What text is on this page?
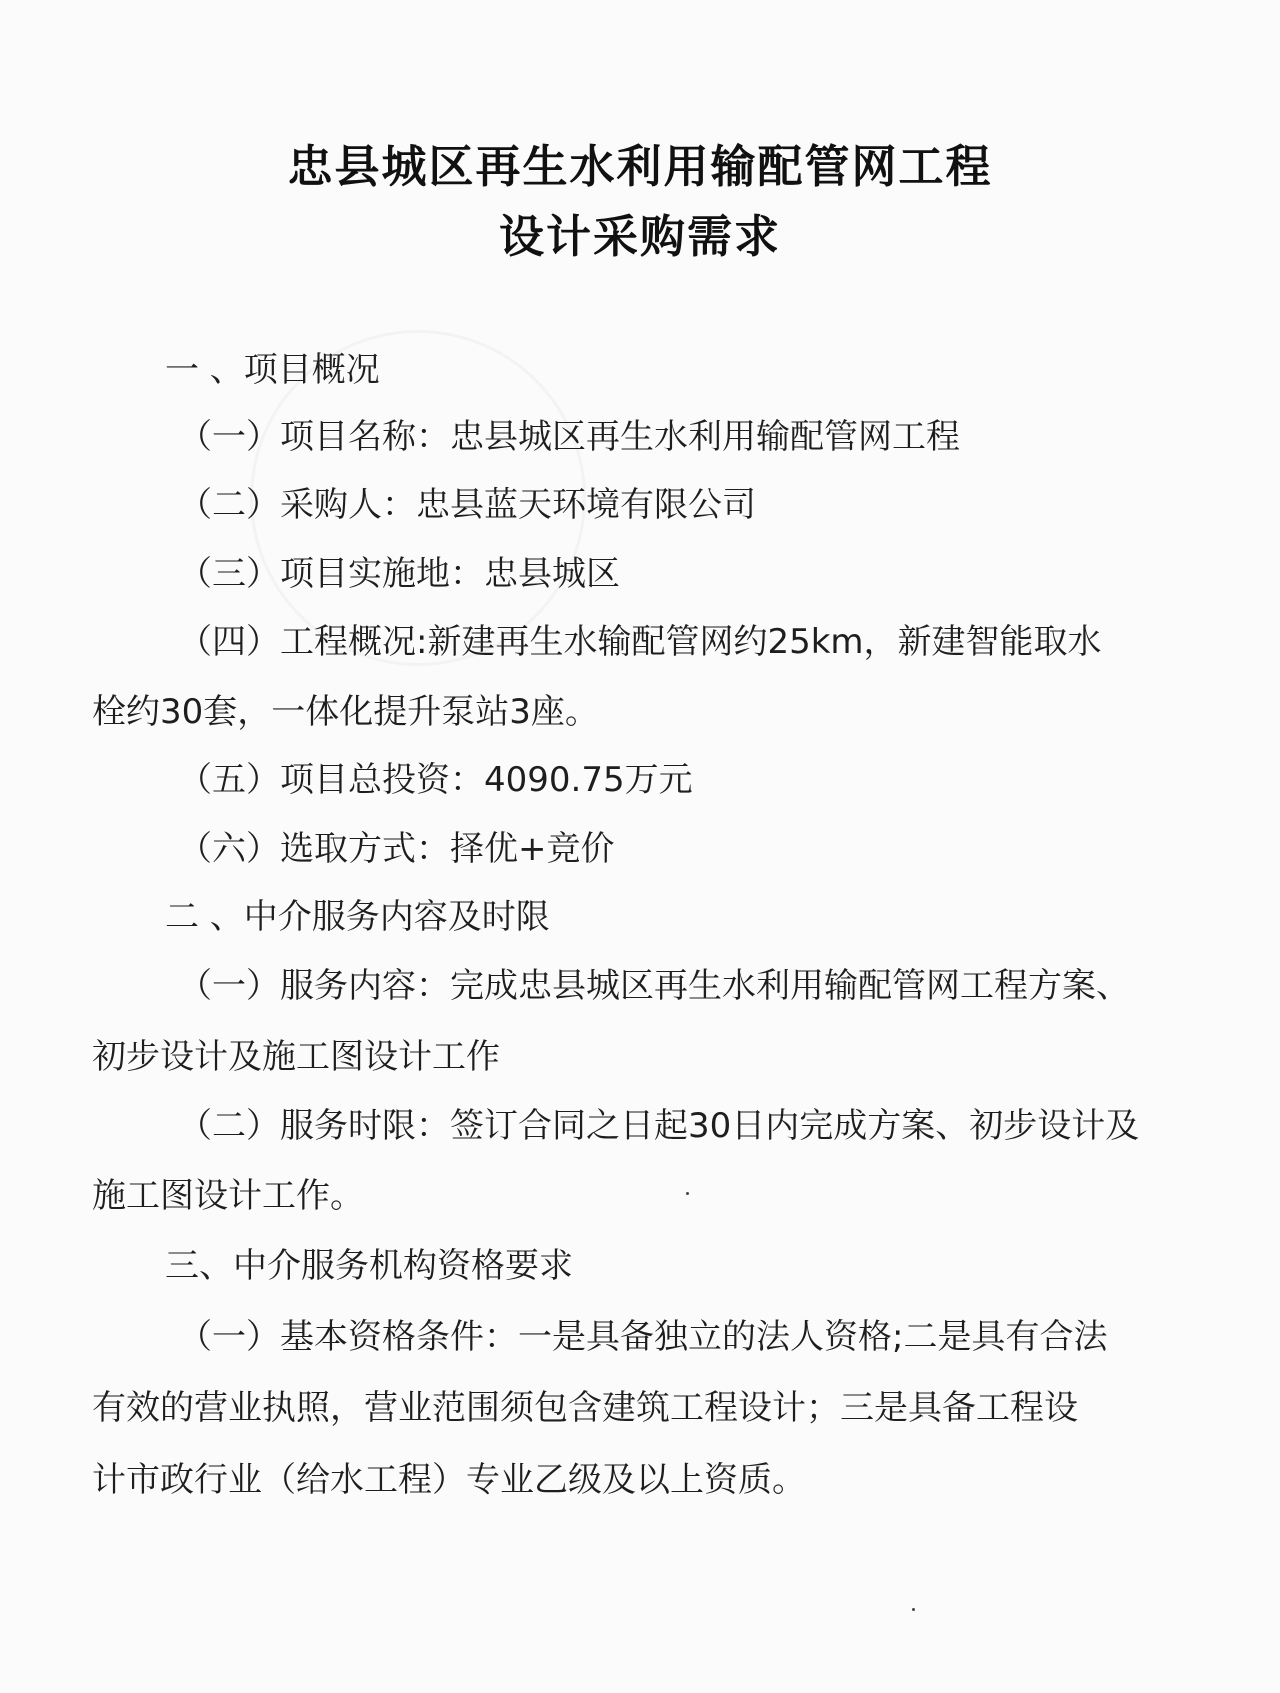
忠县城区再生水利用输配管网工程
设计采购需求
一 、项目概况
（一）项目名称：忠县城区再生水利用输配管网工程
（二）采购人：忠县蓝天环境有限公司
（三）项目实施地：忠县城区
（四）工程概况:新建再生水输配管网约25km，新建智能取水
栓约30套，一体化提升泵站3座。
（五）项目总投资：4090.75万元
（六）选取方式：择优+竞价
二 、中介服务内容及时限
（一）服务内容：完成忠县城区再生水利用输配管网工程方案、
初步设计及施工图设计工作
（二）服务时限：签订合同之日起30日内完成方案、初步设计及
施工图设计工作。
三、中介服务机构资格要求
（一）基本资格条件：一是具备独立的法人资格;二是具有合法
有效的营业执照，营业范围须包含建筑工程设计；三是具备工程设
计市政行业（给水工程）专业乙级及以上资质。
